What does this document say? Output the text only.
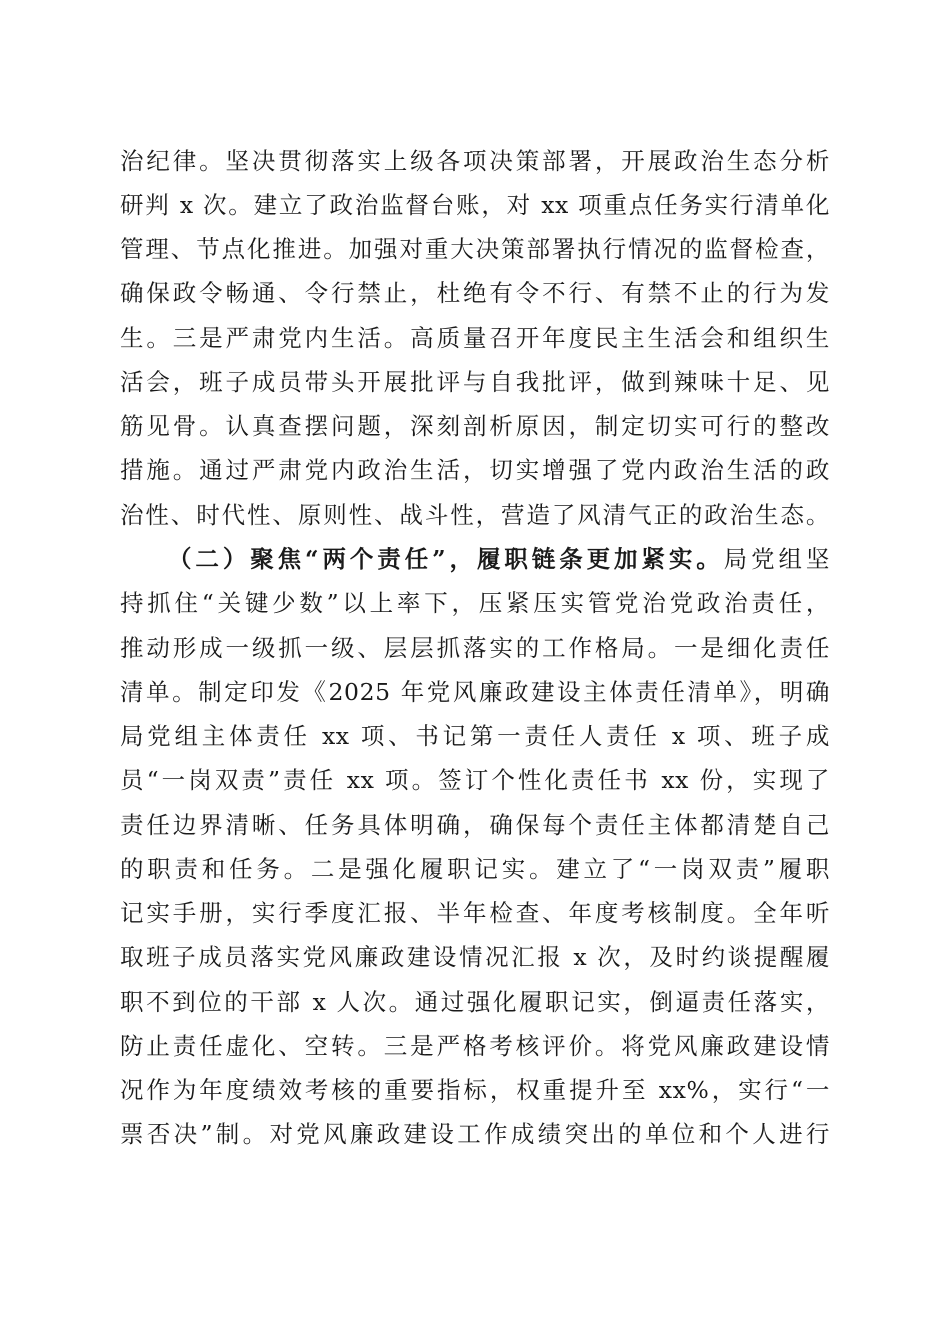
治纪律。坚决贯彻落实上级各项决策部署，开展政治生态分析
研判 x 次。建立了政治监督台账，对 xx 项重点任务实行清单化
管理、节点化推进。加强对重大决策部署执行情况的监督检查，
确保政令畅通、令行禁止，杜绝有令不行、有禁不止的行为发
生。三是严肃党内生活。高质量召开年度民主生活会和组织生
活会，班子成员带头开展批评与自我批评，做到辣味十足、见
筋见骨。认真查摆问题，深刻剖析原因，制定切实可行的整改
措施。通过严肃党内政治生活，切实增强了党内政治生活的政
治性、时代性、原则性、战斗性，营造了风清气正的政治生态。
（二）聚焦“两个责任”，履职链条更加紧实。局党组坚
持抓住“关键少数”以上率下，压紧压实管党治党政治责任，
推动形成一级抓一级、层层抓落实的工作格局。一是细化责任
清单。制定印发《2025 年党风廉政建设主体责任清单》，明确
局党组主体责任 xx 项、书记第一责任人责任 x 项、班子成
员“一岗双责”责任 xx 项。签订个性化责任书 xx 份，实现了
责任边界清晰、任务具体明确，确保每个责任主体都清楚自己
的职责和任务。二是强化履职记实。建立了“一岗双责”履职
记实手册，实行季度汇报、半年检查、年度考核制度。全年听
取班子成员落实党风廉政建设情况汇报 x 次，及时约谈提醒履
职不到位的干部 x 人次。通过强化履职记实，倒逼责任落实，
防止责任虚化、空转。三是严格考核评价。将党风廉政建设情
况作为年度绩效考核的重要指标，权重提升至 xx%，实行“一
票否决”制。对党风廉政建设工作成绩突出的单位和个人进行
